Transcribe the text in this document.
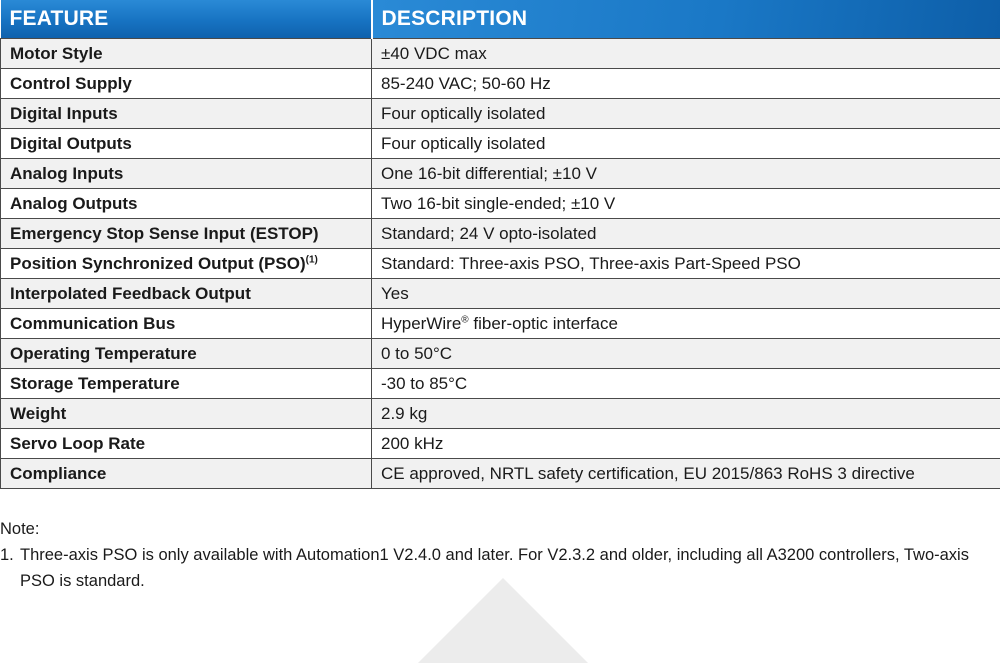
FEATURE	DESCRIPTION
Motor Style	±40 VDC max
Control Supply	85-240 VAC; 50-60 Hz
Digital Inputs	Four optically isolated
Digital Outputs	Four optically isolated
Analog Inputs	One 16-bit differential; ±10 V
Analog Outputs	Two 16-bit single-ended; ±10 V
Emergency Stop Sense Input (ESTOP)	Standard; 24 V opto-isolated
Position Synchronized Output (PSO)$^{(1)}$	Standard: Three-axis PSO, Three-axis Part-Speed PSO
Interpolated Feedback Output	Yes
Communication Bus	HyperWire® fiber-optic interface
Operating Temperature	0 to 50°C
Storage Temperature	-30 to 85°C
Weight	2.9 kg
Servo Loop Rate	200 kHz
Compliance	CE approved, NRTL safety certification, EU 2015/863 RoHS 3 directive

Note:

1. Three-axis PSO is only available with Automation1 V2.4.0 and later. For V2.3.2 and older, including all A3200 controllers, Two-axis PSO is standard.
